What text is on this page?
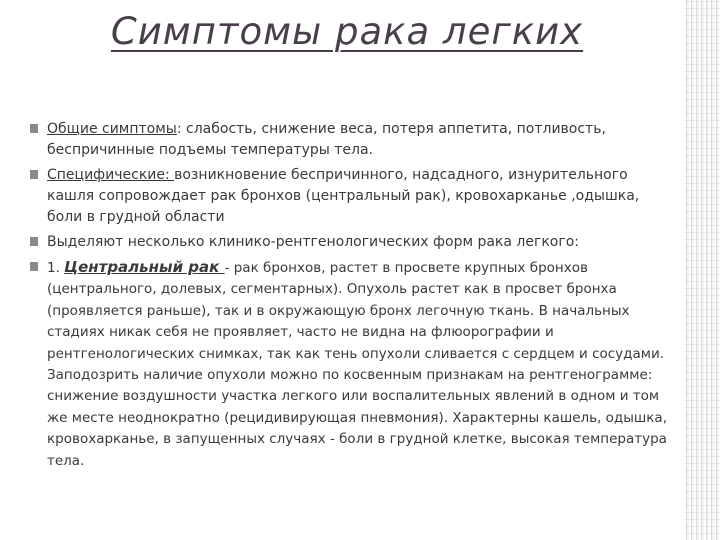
Симптомы рака легких
Общие симптомы: слабость, снижение веса, потеря аппетита, потливость, беспричинные подъемы температуры тела.
Специфические: возникновение беспричинного, надсадного, изнурительного кашля сопровождает рак бронхов (центральный рак), кровохарканье ,одышка, боли в грудной области
Выделяют несколько клинико-рентгенологических форм рака легкого:
1. Центральный рак - рак бронхов, растет в просвете крупных бронхов (центрального, долевых, сегментарных). Опухоль растет как в просвет бронха (проявляется раньше), так и в окружающую бронх легочную ткань. В начальных стадиях никак себя не проявляет, часто не видна на флюорографии и рентгенологических снимках, так как тень опухоли сливается с сердцем и сосудами. Заподозрить наличие опухоли можно по косвенным признакам на рентгенограмме: снижение воздушности участка легкого или воспалительных явлений в одном и том же месте неоднократно (рецидивирующая пневмония). Характерны кашель, одышка, кровохарканье, в запущенных случаях - боли в грудной клетке, высокая температура тела.
